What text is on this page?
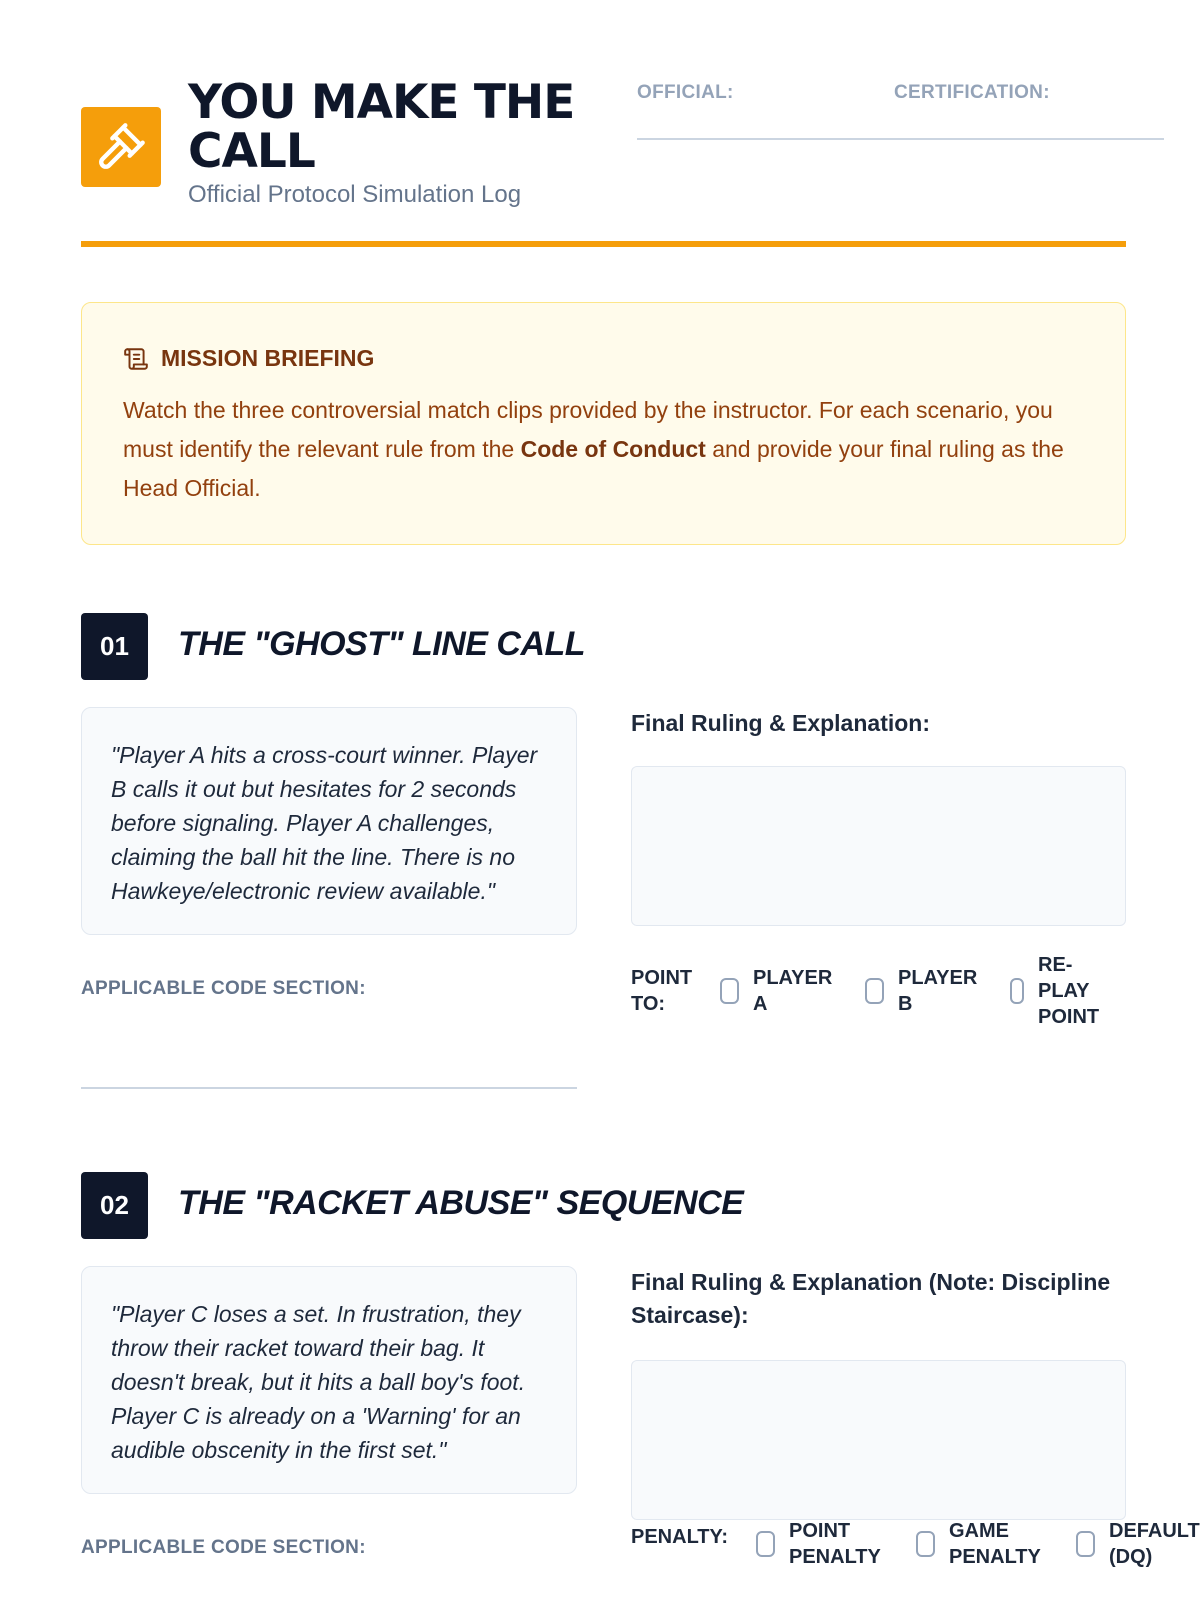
YOU MAKE THE CALL
Official Protocol Simulation Log
OFFICIAL:	CERTIFICATION:
MISSION BRIEFING

Watch the three controversial match clips provided by the instructor. For each scenario, you must identify the relevant rule from the Code of Conduct and provide your final ruling as the Head Official.

01	THE "GHOST" LINE CALL
"Player A hits a cross-court winner. Player B calls it out but hesitates for 2 seconds before signaling. Player A challenges, claiming the ball hit the line. There is no Hawkeye/electronic review available."
APPLICABLE CODE SECTION:
Final Ruling & Explanation:
POINT TO:
PLAYER A
PLAYER B
RE-PLAY POINT
02	THE "RACKET ABUSE" SEQUENCE
"Player C loses a set. In frustration, they throw their racket toward their bag. It doesn't break, but it hits a ball boy's foot. Player C is already on a 'Warning' for an audible obscenity in the first set."
APPLICABLE CODE SECTION:
Final Ruling & Explanation (Note: Discipline Staircase):
PENALTY:	POINT PENALTY
GAME PENALTY
DEFAULT (DQ)
